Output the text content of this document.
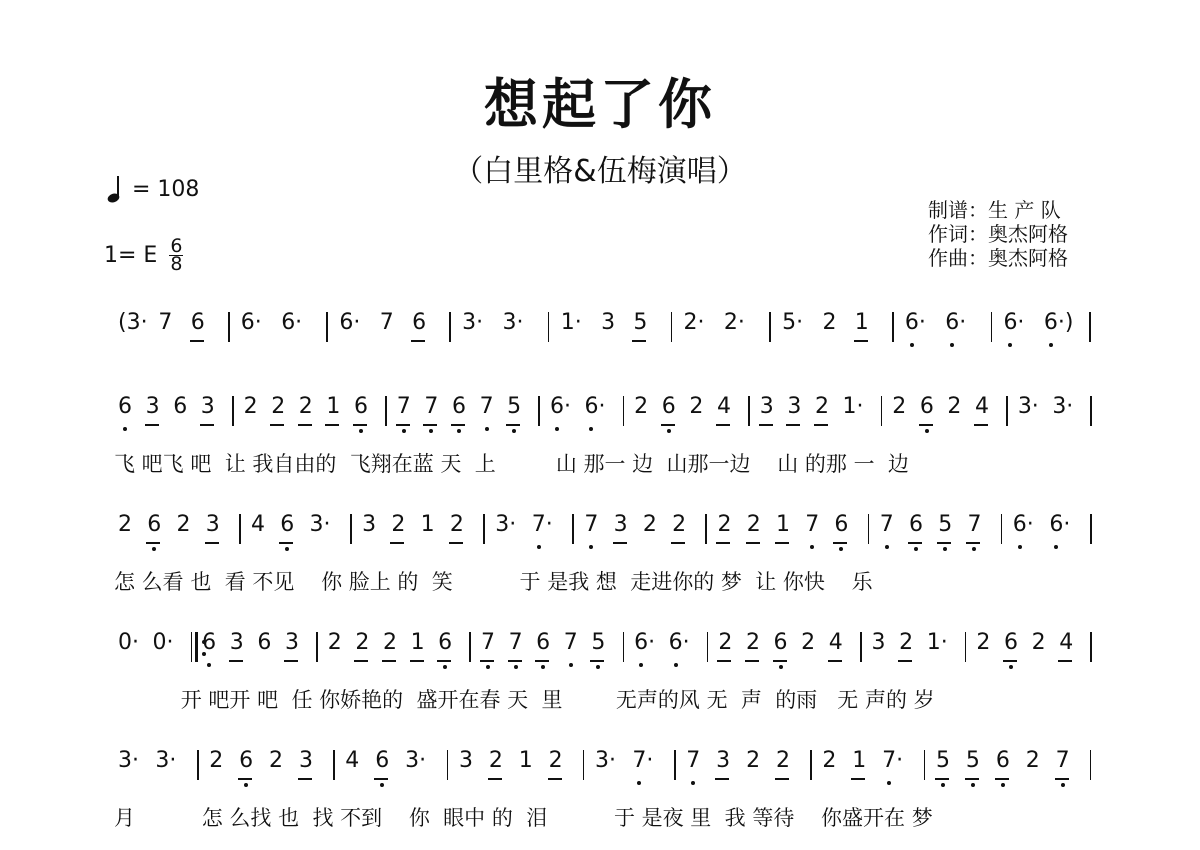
想起了你
（白里格&伍梅演唱）
= 108
1= E 6
8
制谱：生 产 队
作词：奥杰阿格
作曲：奥杰阿格
(3· 7 6 6· 6· 6· 7 6 3· 3· 1· 3 5 2· 2· 5· 2 1 6· 6· 6· 6·)
6 3 6 3 2 2 2 1 6 7 7 6 7 5 6· 6· 2 6 2 4 3 3 2 1· 2 6 2 4 3· 3·
飞 吧飞 吧  让 我自由的  飞翔在蓝 天  上         山 那一 边  山那一边    山 的那 一  边
2 6 2 3 4 6 3· 3 2 1 2 3· 7· 7 3 2 2 2 2 1 7 6 7 6 5 7 6· 6·
怎 么看 也  看 不见    你 脸上 的  笑          于 是我 想  走进你的 梦  让 你快    乐
0· 0· 6 3 6 3 2 2 2 1 6 7 7 6 7 5 6· 6· 2 2 6 2 4 3 2 1· 2 6 2 4
开 吧开 吧  任 你娇艳的  盛开在春 天  里        无声的风 无  声  的雨   无 声的 岁
3· 3· 2 6 2 3 4 6 3· 3 2 1 2 3· 7· 7 3 2 2 2 1 7· 5 5 6 2 7
月          怎 么找 也  找 不到    你  眼中 的  泪          于 是夜 里  我 等待    你盛开在 梦
